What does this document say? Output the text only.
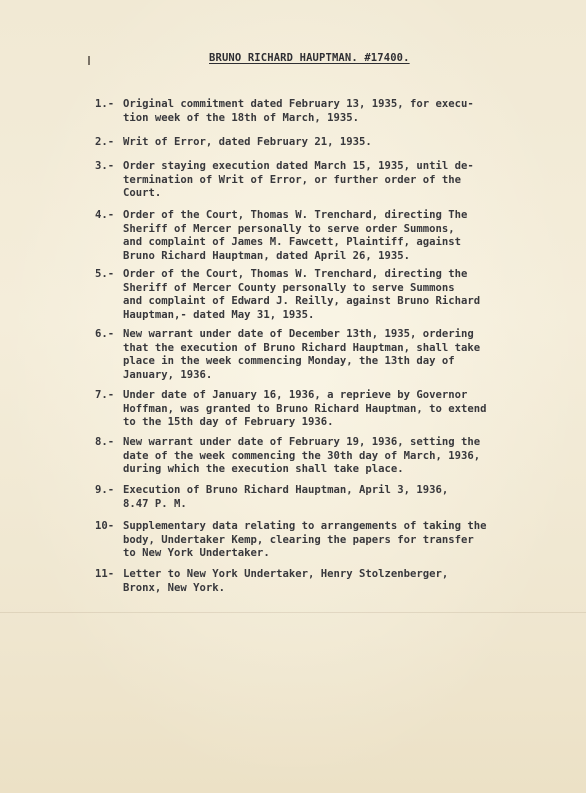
BRUNO RICHARD HAUPTMAN. #17400.
1.- Original commitment dated February 13, 1935, for execu-
tion week of the 18th of March, 1935.
2.- Writ of Error, dated February 21, 1935.
3.- Order staying execution dated March 15, 1935, until de-
termination of Writ of Error, or further order of the
Court.
4.- Order of the Court, Thomas W. Trenchard, directing The
Sheriff of Mercer personally to serve order Summons,
and complaint of James M. Fawcett, Plaintiff, against
Bruno Richard Hauptman, dated April 26, 1935.
5.- Order of the Court, Thomas W. Trenchard, directing the
Sheriff of Mercer County personally to serve Summons
and complaint of Edward J. Reilly, against Bruno Richard
Hauptman,- dated May 31, 1935.
6.- New warrant under date of December 13th, 1935, ordering
that the execution of Bruno Richard Hauptman, shall take
place in the week commencing Monday, the 13th day of
January, 1936.
7.- Under date of January 16, 1936, a reprieve by Governor
Hoffman, was granted to Bruno Richard Hauptman, to extend
to the 15th day of February 1936.
8.- New warrant under date of February 19, 1936, setting the
date of the week commencing the 30th day of March, 1936,
during which the execution shall take place.
9.- Execution of Bruno Richard Hauptman, April 3, 1936,
8.47 P. M.
10- Supplementary data relating to arrangements of taking the
body, Undertaker Kemp, clearing the papers for transfer
to New York Undertaker.
11- Letter to New York Undertaker, Henry Stolzenberger,
Bronx, New York.
